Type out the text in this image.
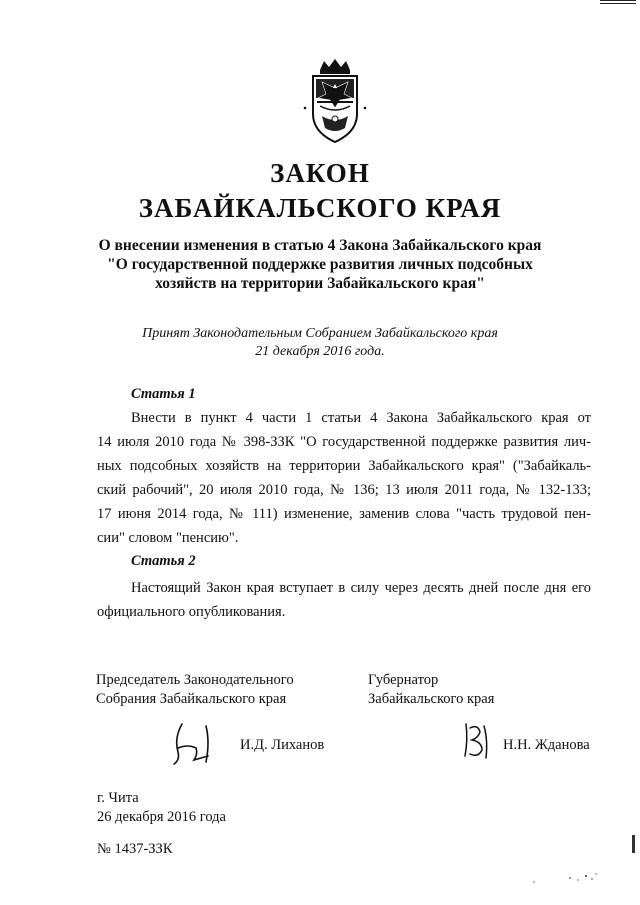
ЗАКОН
ЗАБАЙКАЛЬСКОГО КРАЯ
О внесении изменения в статью 4 Закона Забайкальского края
"О государственной поддержке развития личных подсобных
хозяйств на территории Забайкальского края"
Принят Законодательным Собранием Забайкальского края
21 декабря 2016 года.
Статья 1
Внести в пункт 4 части 1 статьи 4 Закона Забайкальского края от
14 июля 2010 года № 398-ЗЗК "О государственной поддержке развития лич-
ных подсобных хозяйств на территории Забайкальского края" ("Забайкаль-
ский рабочий", 20 июля 2010 года, № 136; 13 июля 2011 года, № 132-133;
17 июня 2014 года, № 111) изменение, заменив слова "часть трудовой пен-
сии" словом "пенсию".
Статья 2
Настоящий Закон края вступает в силу через десять дней после дня его
официального опубликования.
Председатель Законодательного
Собрания Забайкальского края
Губернатор
Забайкальского края
И.Д. Лиханов	Н.Н. Жданова
г. Чита
26 декабря 2016 года
№ 1437-ЗЗК
